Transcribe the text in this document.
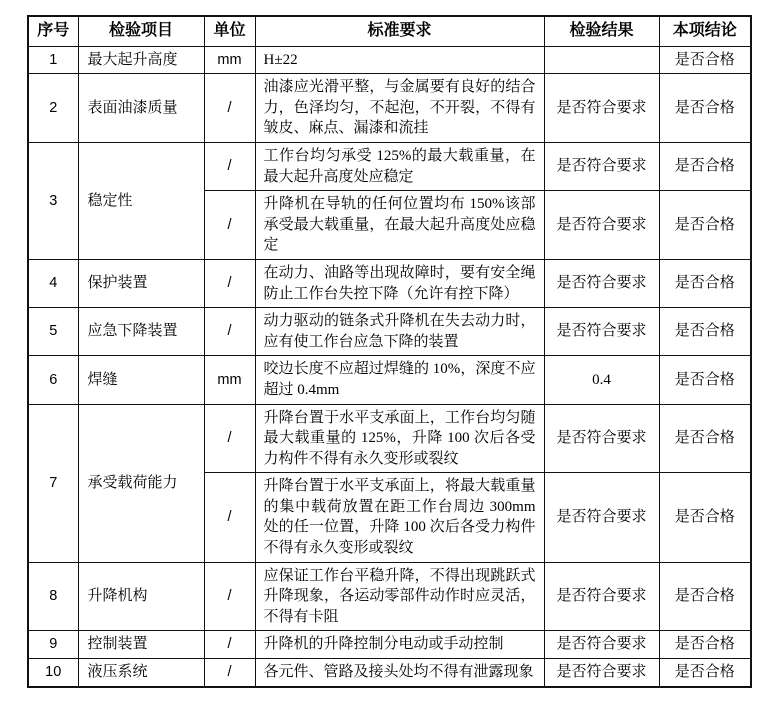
序号	检验项目	单位	标准要求	检验结果	本项结论
1	最大起升高度	mm	H±22		是否合格
2	表面油漆质量	/	油漆应光滑平整，与金属要有良好的结合力，色泽均匀，不起泡，不开裂，不得有皱皮、麻点、漏漆和流挂	是否符合要求	是否合格
3	稳定性	/	工作台均匀承受 125%的最大载重量，在最大起升高度处应稳定	是否符合要求	是否合格
		/	升降机在导轨的任何位置均布 150%该部承受最大载重量，在最大起升高度处应稳定	是否符合要求	是否合格
4	保护装置	/	在动力、油路等出现故障时，要有安全绳防止工作台失控下降（允许有控下降）	是否符合要求	是否合格
5	应急下降装置	/	动力驱动的链条式升降机在失去动力时，应有使工作台应急下降的装置	是否符合要求	是否合格
6	焊缝	mm	咬边长度不应超过焊缝的 10%，深度不应超过 0.4mm	0.4	是否合格
7	承受载荷能力	/	升降台置于水平支承面上，工作台均匀随最大载重量的 125%，升降 100 次后各受力构件不得有永久变形或裂纹	是否符合要求	是否合格
		/	升降台置于水平支承面上，将最大载重量的集中载荷放置在距工作台周边 300mm 处的任一位置，升降 100 次后各受力构件不得有永久变形或裂纹	是否符合要求	是否合格
8	升降机构	/	应保证工作台平稳升降，不得出现跳跃式升降现象，各运动零部件动作时应灵活，不得有卡阻	是否符合要求	是否合格
9	控制装置	/	升降机的升降控制分电动或手动控制	是否符合要求	是否合格
10	液压系统	/	各元件、管路及接头处均不得有泄露现象	是否符合要求	是否合格
